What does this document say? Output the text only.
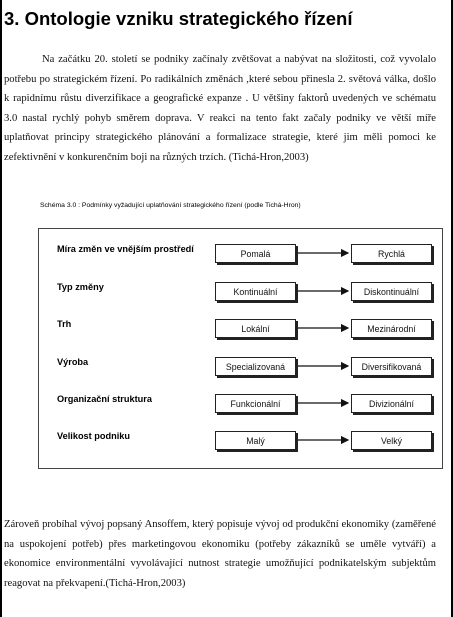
3. Ontologie vzniku strategického řízení

Na začátku 20. století se podniky začínaly zvětšovat a nabývat na složitosti, což vyvolalo potřebu po strategickém řízení. Po radikálních změnách ,které sebou přinesla 2. světová válka, došlo k rapidnímu růstu diverzifikace a geografické expanze . U většiny faktorů uvedených ve schématu 3.0 nastal rychlý pohyb směrem doprava. V reakci na tento fakt začaly podniky ve větší míře uplatňovat principy strategického plánování a formalizace strategie, které jim měli pomoci ke zefektivnění v konkurenčním boji na různých trzích. (Tichá-Hron,2003)

Schéma 3.0 : Podmínky vyžadující uplatňování strategického řízení (podle Tichá-Hron)

Míra změn ve vnějším prostředí	Pomalá	Rychlá
Typ změny	Kontinuální	Diskontinuální
Trh	Lokální	Mezinárodní
Výroba	Specializovaná	Diversifikovaná
Organizační struktura	Funkcionální	Divizionální
Velikost podniku	Malý	Velký

Zároveň probíhal vývoj popsaný Ansoffem, který popisuje vývoj od produkční ekonomiky (zaměřené na uspokojení potřeb) přes marketingovou ekonomiku (potřeby zákazníků se uměle vytváří) a ekonomice environmentální vyvolávající nutnost strategie umožňující podnikatelským subjektům reagovat na překvapení.(Tichá-Hron,2003)
